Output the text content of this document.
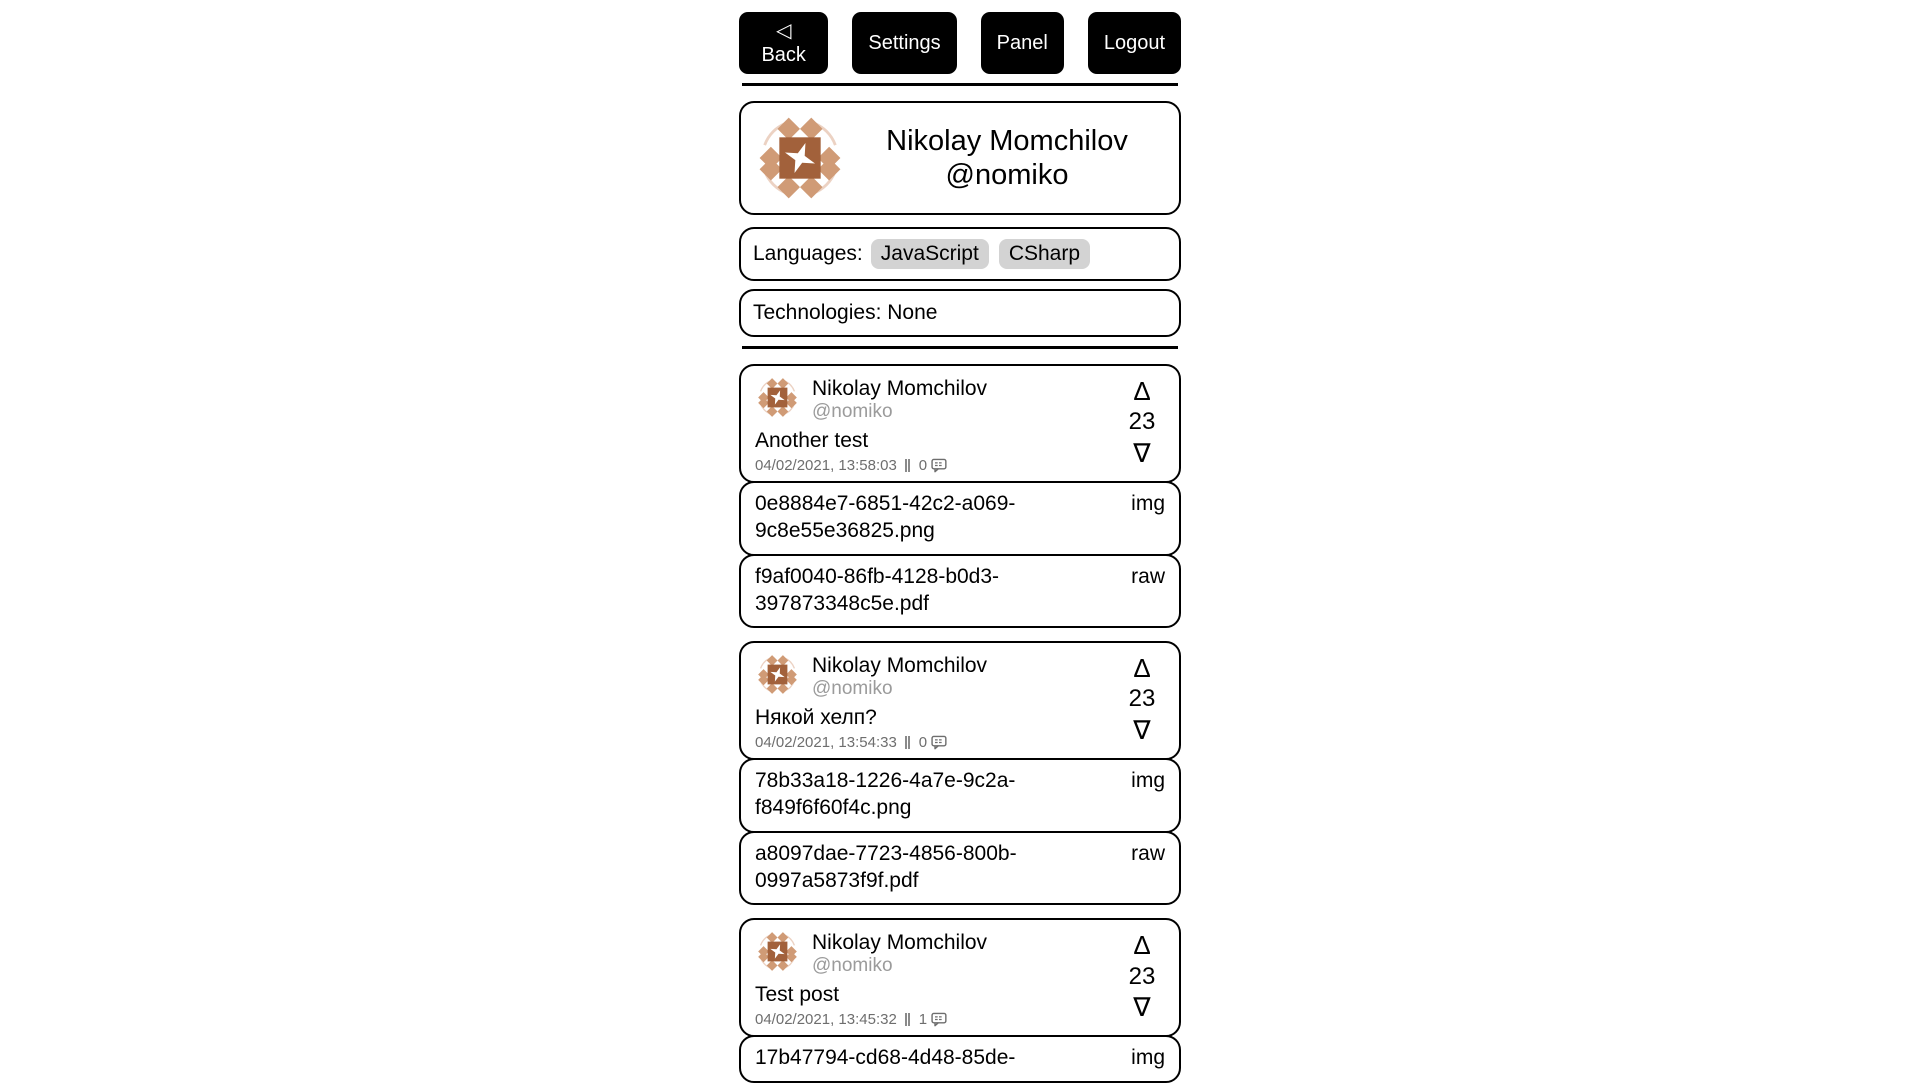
◁ Back
Settings	Panel	Logout
Nikolay Momchilov
@nomiko
Languages: JavaScript	CSharp
Technologies: None
Nikolay Momchilov
@nomiko
Another test
04/02/2021, 13:58:03 0
Δ
23
∇
0e8884e7-6851-42c2-a069-9c8e55e36825.png
img
f9af0040-86fb-4128-b0d3-397873348c5e.pdf
raw
Nikolay Momchilov
@nomiko
Някой хелп?
04/02/2021, 13:54:33 0
Δ
23
∇
78b33a18-1226-4a7e-9c2a-f849f6f60f4c.png
img
a8097dae-7723-4856-800b-0997a5873f9f.pdf
raw
Nikolay Momchilov
@nomiko
Test post
04/02/2021, 13:45:32 1
Δ
23
∇
17b47794-cd68-4d48-85de-	img
